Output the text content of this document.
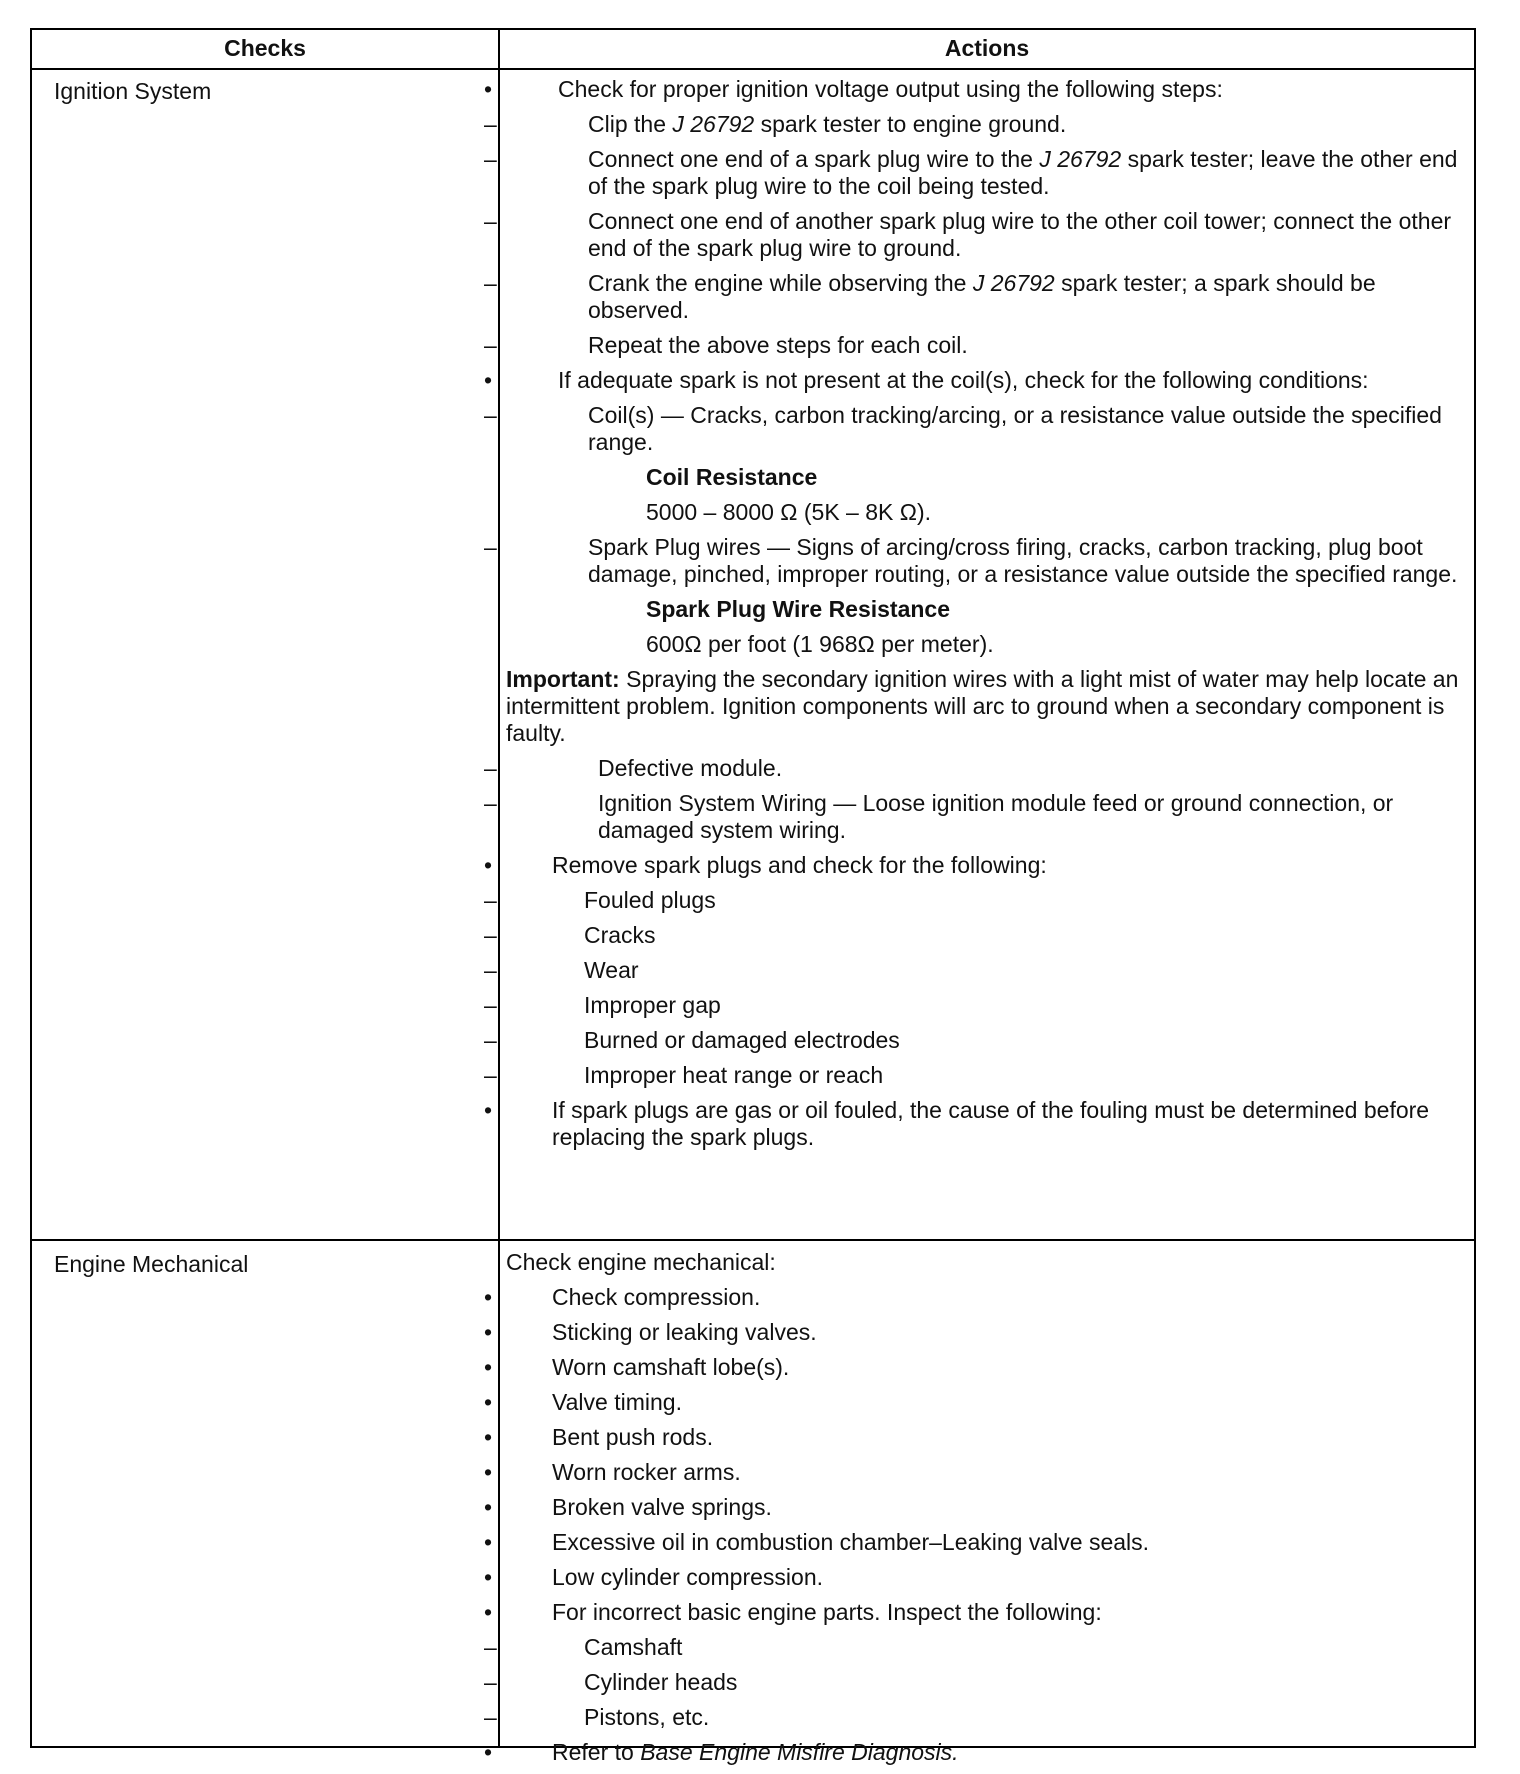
Checks	Actions
Ignition System
•	Check for proper ignition voltage output using the following steps:
– Clip the J 26792 spark tester to engine ground.
– Connect one end of a spark plug wire to the J 26792 spark tester; leave the other end of the spark plug wire to the coil being tested.
– Connect one end of another spark plug wire to the other coil tower; connect the other end of the spark plug wire to ground.
– Crank the engine while observing the J 26792 spark tester; a spark should be observed.
– Repeat the above steps for each coil.
• If adequate spark is not present at the coil(s), check for the following conditions:
– Coil(s) — Cracks, carbon tracking/arcing, or a resistance value outside the specified range.
Coil Resistance
5000 – 8000 Ω (5K – 8K Ω).
– Spark Plug wires — Signs of arcing/cross firing, cracks, carbon tracking, plug boot damage, pinched, improper routing, or a resistance value outside the specified range.
Spark Plug Wire Resistance
600Ω per foot (1 968Ω per meter).
Important: Spraying the secondary ignition wires with a light mist of water may help locate an intermittent problem. Ignition components will arc to ground when a secondary component is faulty.
– Defective module.
– Ignition System Wiring — Loose ignition module feed or ground connection, or damaged system wiring.
• Remove spark plugs and check for the following:
– Fouled plugs
– Cracks
– Wear
– Improper gap
– Burned or damaged electrodes
– Improper heat range or reach
• If spark plugs are gas or oil fouled, the cause of the fouling must be determined before replacing the spark plugs.
Engine Mechanical	Check engine mechanical:
• Check compression.
• Sticking or leaking valves.
• Worn camshaft lobe(s).
• Valve timing.
• Bent push rods.
• Worn rocker arms.
• Broken valve springs.
• Excessive oil in combustion chamber–Leaking valve seals.
• Low cylinder compression.
• For incorrect basic engine parts. Inspect the following:
– Camshaft
– Cylinder heads
– Pistons, etc.
• Refer to Base Engine Misfire Diagnosis.
